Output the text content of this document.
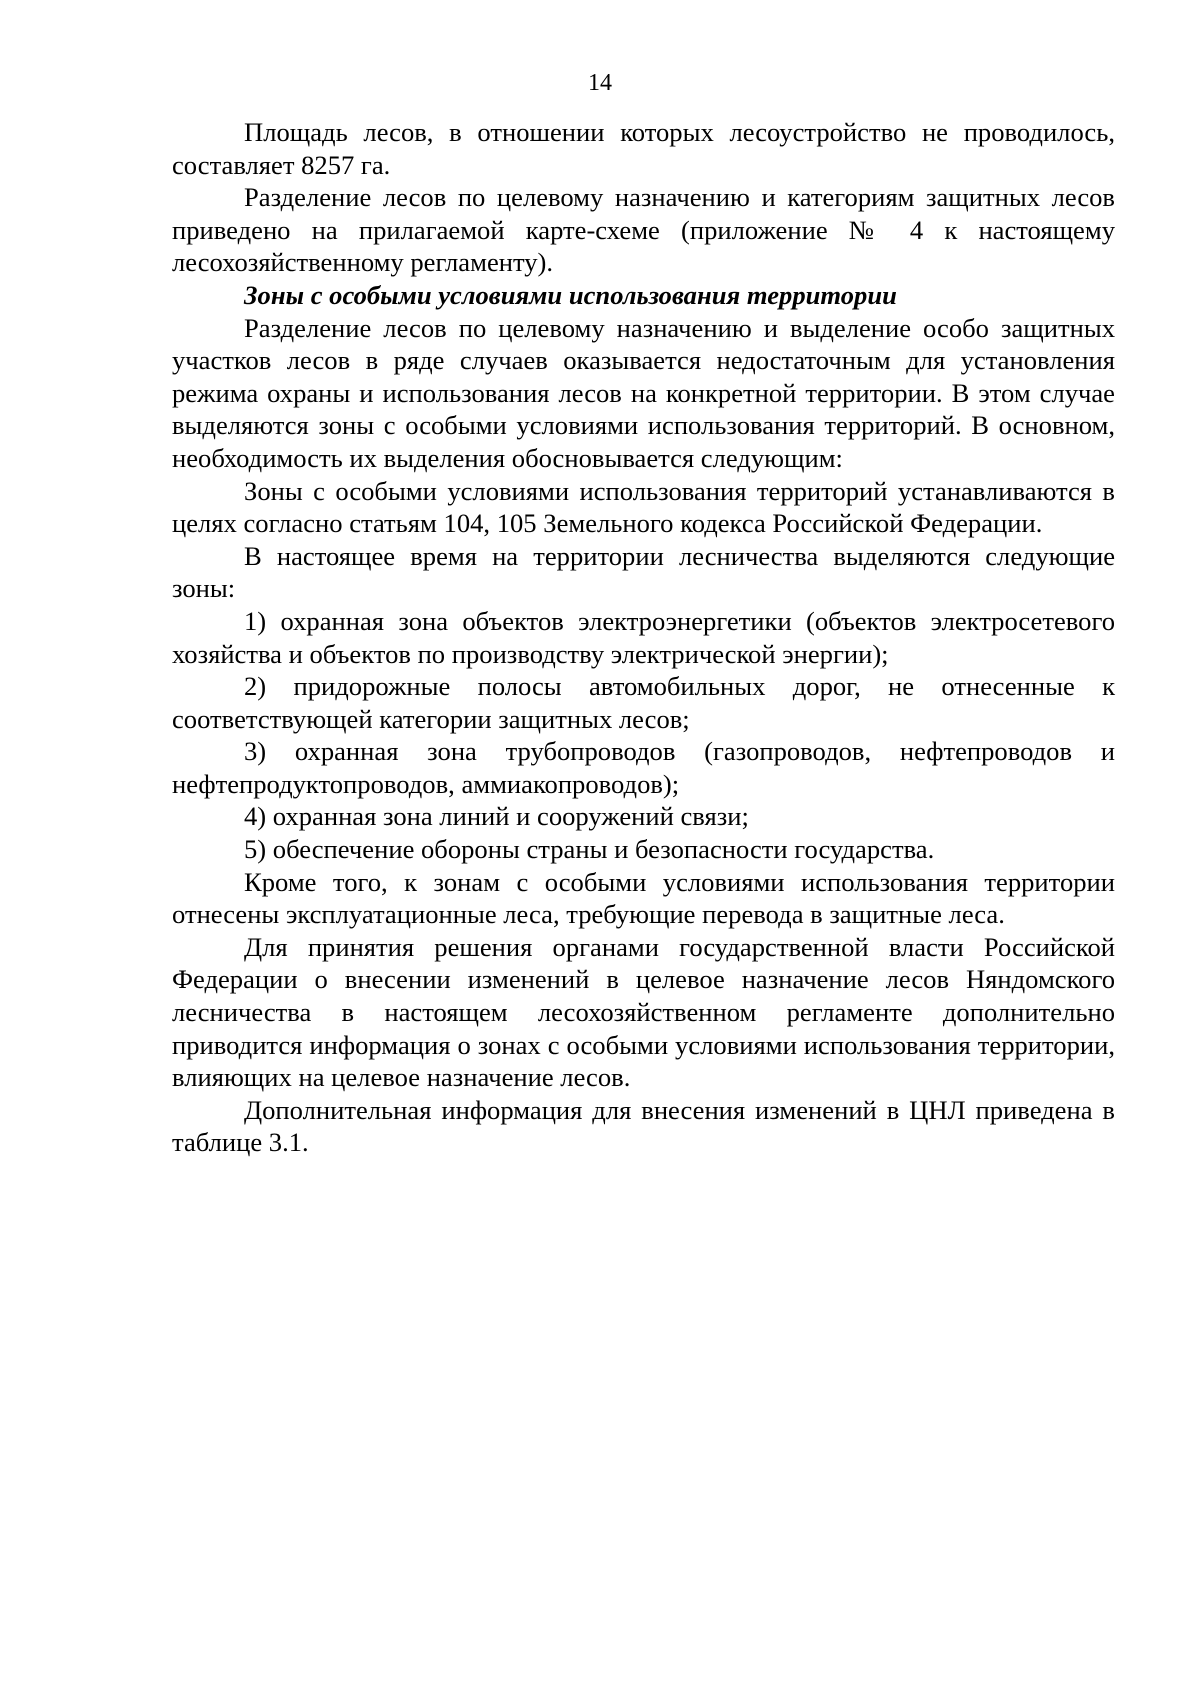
14

Площадь лесов, в отношении которых лесоустройство не проводилось, составляет 8257 га.

Разделение лесов по целевому назначению и категориям защитных лесов приведено на прилагаемой карте-схеме (приложение № 4 к настоящему лесохозяйственному регламенту).

Зоны с особыми условиями использования территории

Разделение лесов по целевому назначению и выделение особо защитных участков лесов в ряде случаев оказывается недостаточным для установления режима охраны и использования лесов на конкретной территории. В этом случае выделяются зоны с особыми условиями использования территорий. В основном, необходимость их выделения обосновывается следующим:

Зоны с особыми условиями использования территорий устанавливаются в целях согласно статьям 104, 105 Земельного кодекса Российской Федерации.

В настоящее время на территории лесничества выделяются следующие зоны:

1) охранная зона объектов электроэнергетики (объектов электросетевого хозяйства и объектов по производству электрической энергии);

2) придорожные полосы автомобильных дорог, не отнесенные к соответствующей категории защитных лесов;

3) охранная зона трубопроводов (газопроводов, нефтепроводов и нефтепродуктопроводов, аммиакопроводов);

4) охранная зона линий и сооружений связи;

5) обеспечение обороны страны и безопасности государства.

Кроме того, к зонам с особыми условиями использования территории отнесены эксплуатационные леса, требующие перевода в защитные леса.

Для принятия решения органами государственной власти Российской Федерации о внесении изменений в целевое назначение лесов Няндомского лесничества в настоящем лесохозяйственном регламенте дополнительно приводится информация о зонах с особыми условиями использования территории, влияющих на целевое назначение лесов.

Дополнительная информация для внесения изменений в ЦНЛ приведена в таблице 3.1.
